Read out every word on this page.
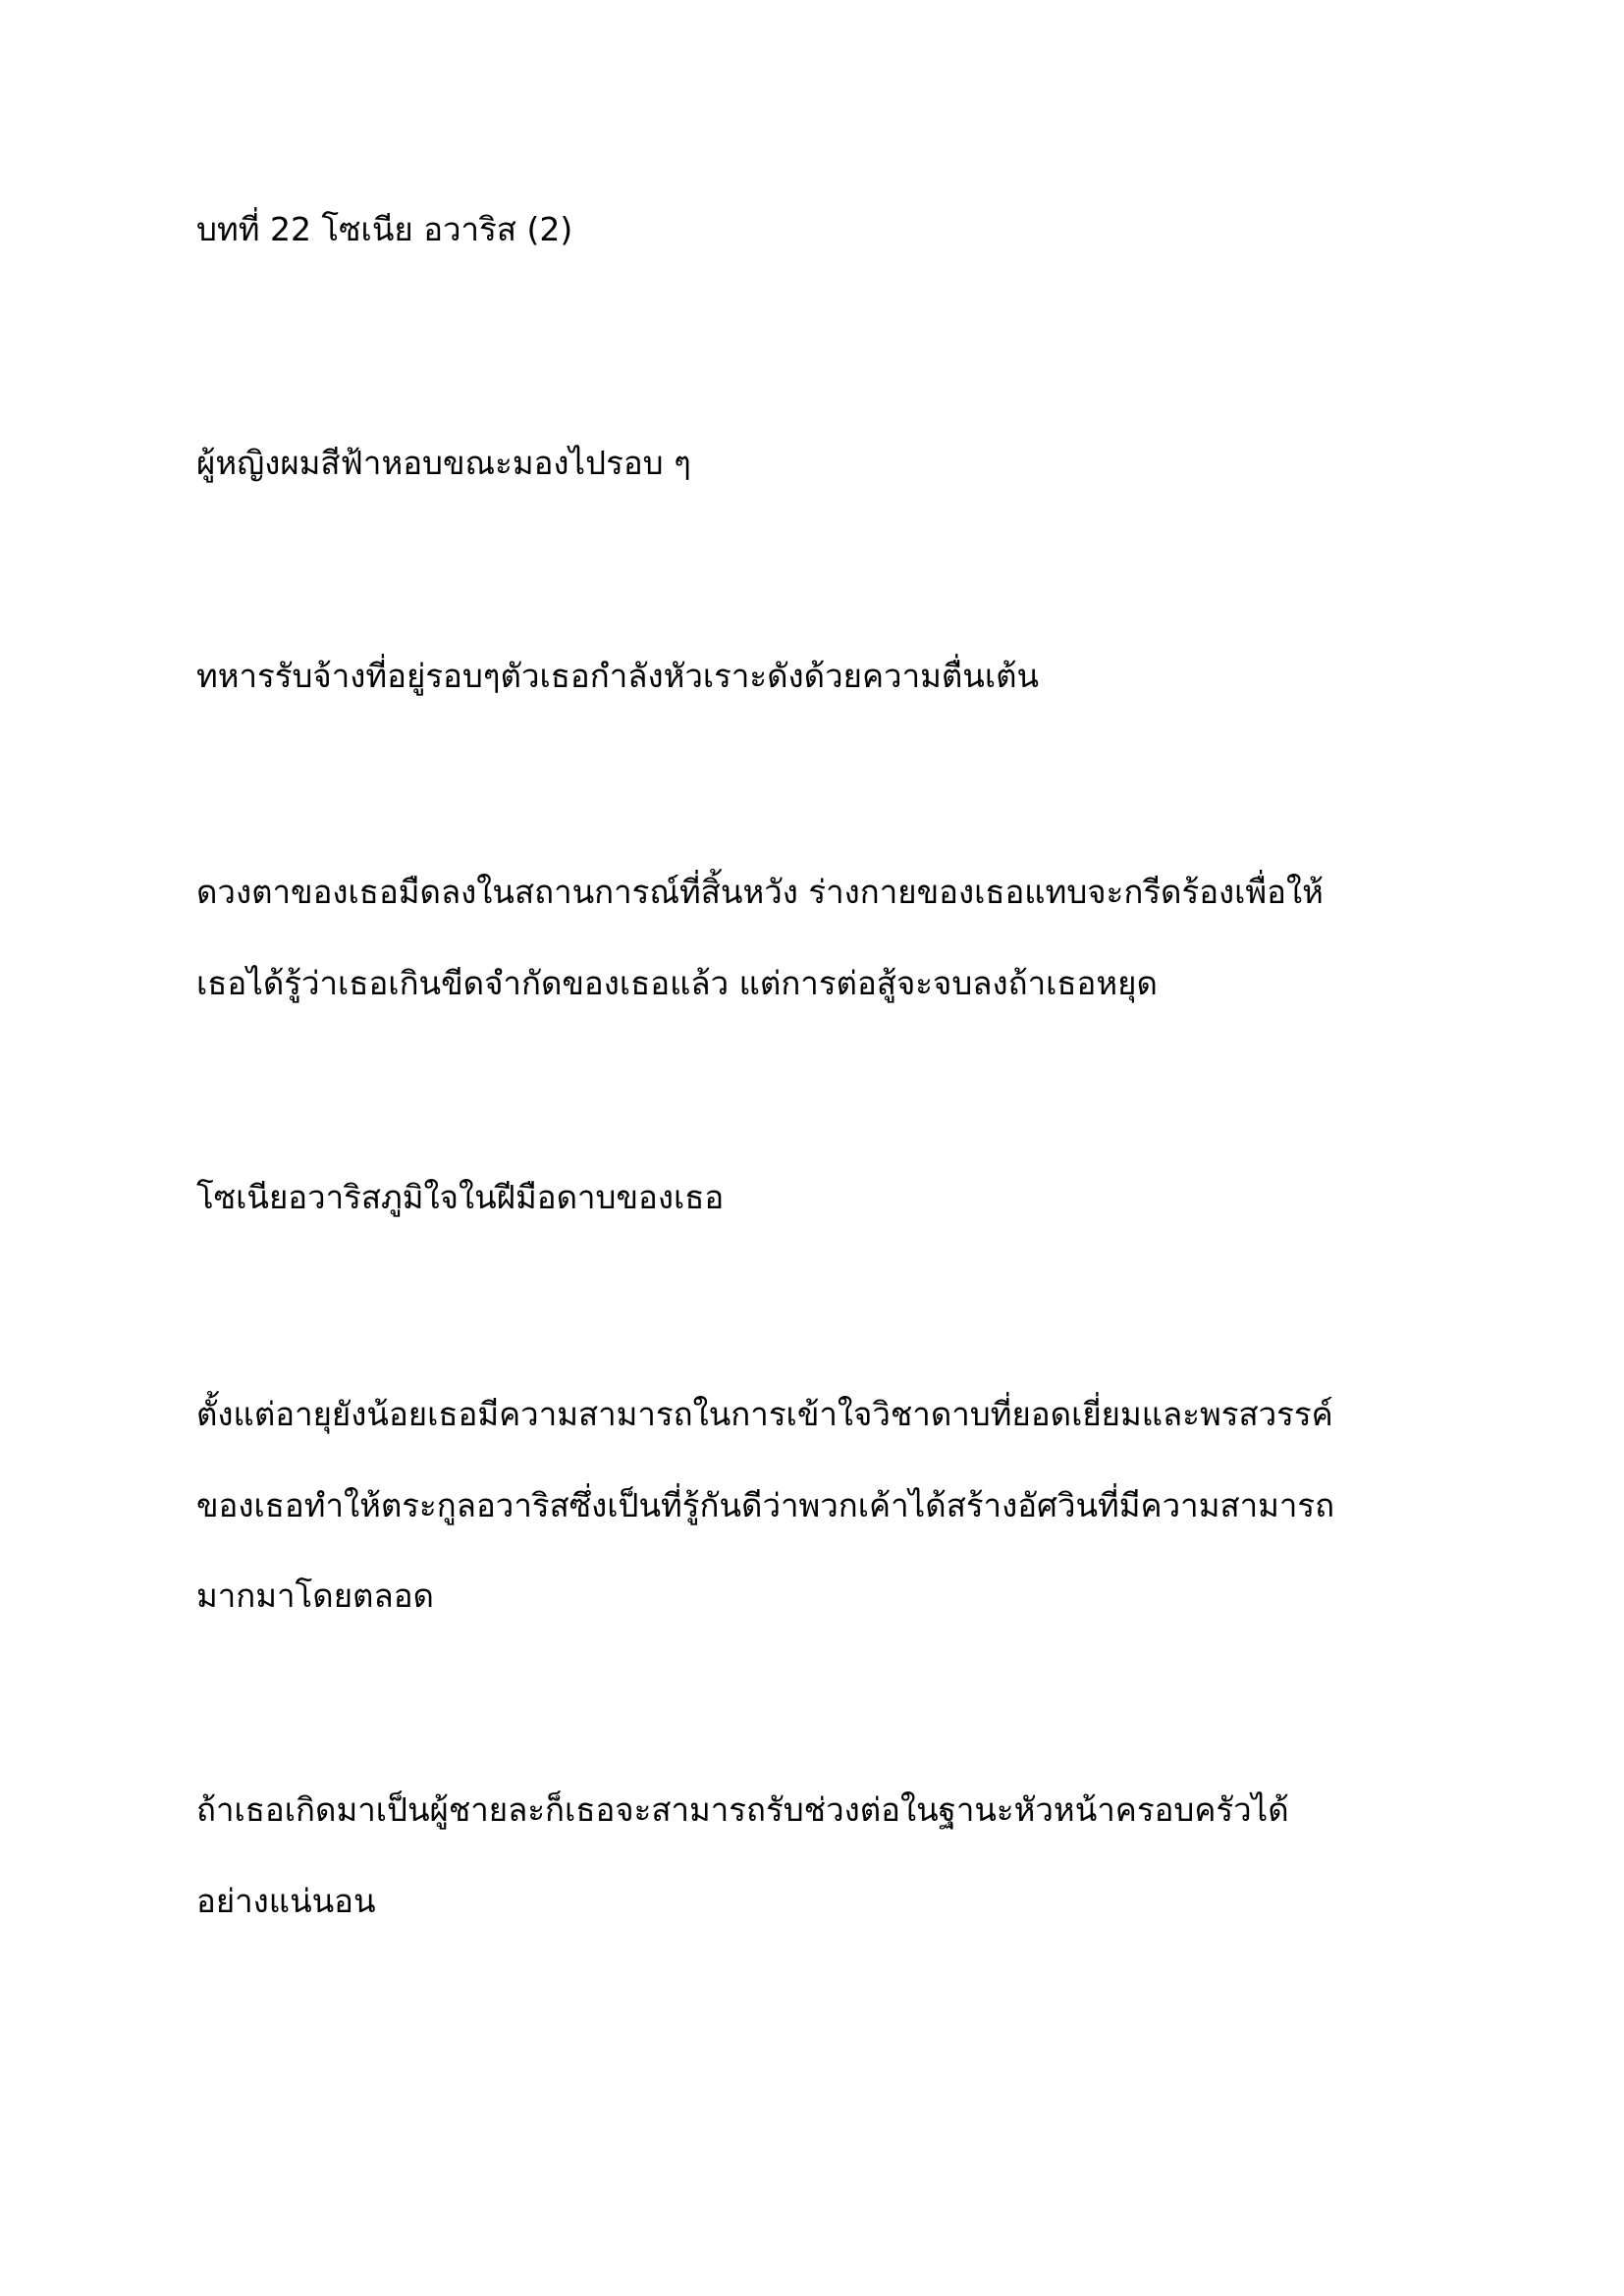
บทที่ 22 โซเนีย อวาริส (2)
ผู้หญิงผมสีฟ้าหอบขณะมองไปรอบ ๆ
ทหารรับจ้างที่อยู่รอบๆตัวเธอกำลังหัวเราะดังด้วยความตื่นเต้น
ดวงตาของเธอมืดลงในสถานการณ์ที่สิ้นหวัง ร่างกายของเธอแทบจะกรีดร้องเพื่อให้
เธอได้รู้ว่าเธอเกินขีดจำกัดของเธอแล้ว แต่การต่อสู้จะจบลงถ้าเธอหยุด
โซเนียอวาริสภูมิใจในฝีมือดาบของเธอ
ตั้งแต่อายุยังน้อยเธอมีความสามารถในการเข้าใจวิชาดาบที่ยอดเยี่ยมและพรสวรรค์
ของเธอทำให้ตระกูลอวาริสซึ่งเป็นที่รู้กันดีว่าพวกเค้าได้สร้างอัศวินที่มีความสามารถ
มากมาโดยตลอด
ถ้าเธอเกิดมาเป็นผู้ชายละก็เธอจะสามารถรับช่วงต่อในฐานะหัวหน้าครอบครัวได้
อย่างแน่นอน
